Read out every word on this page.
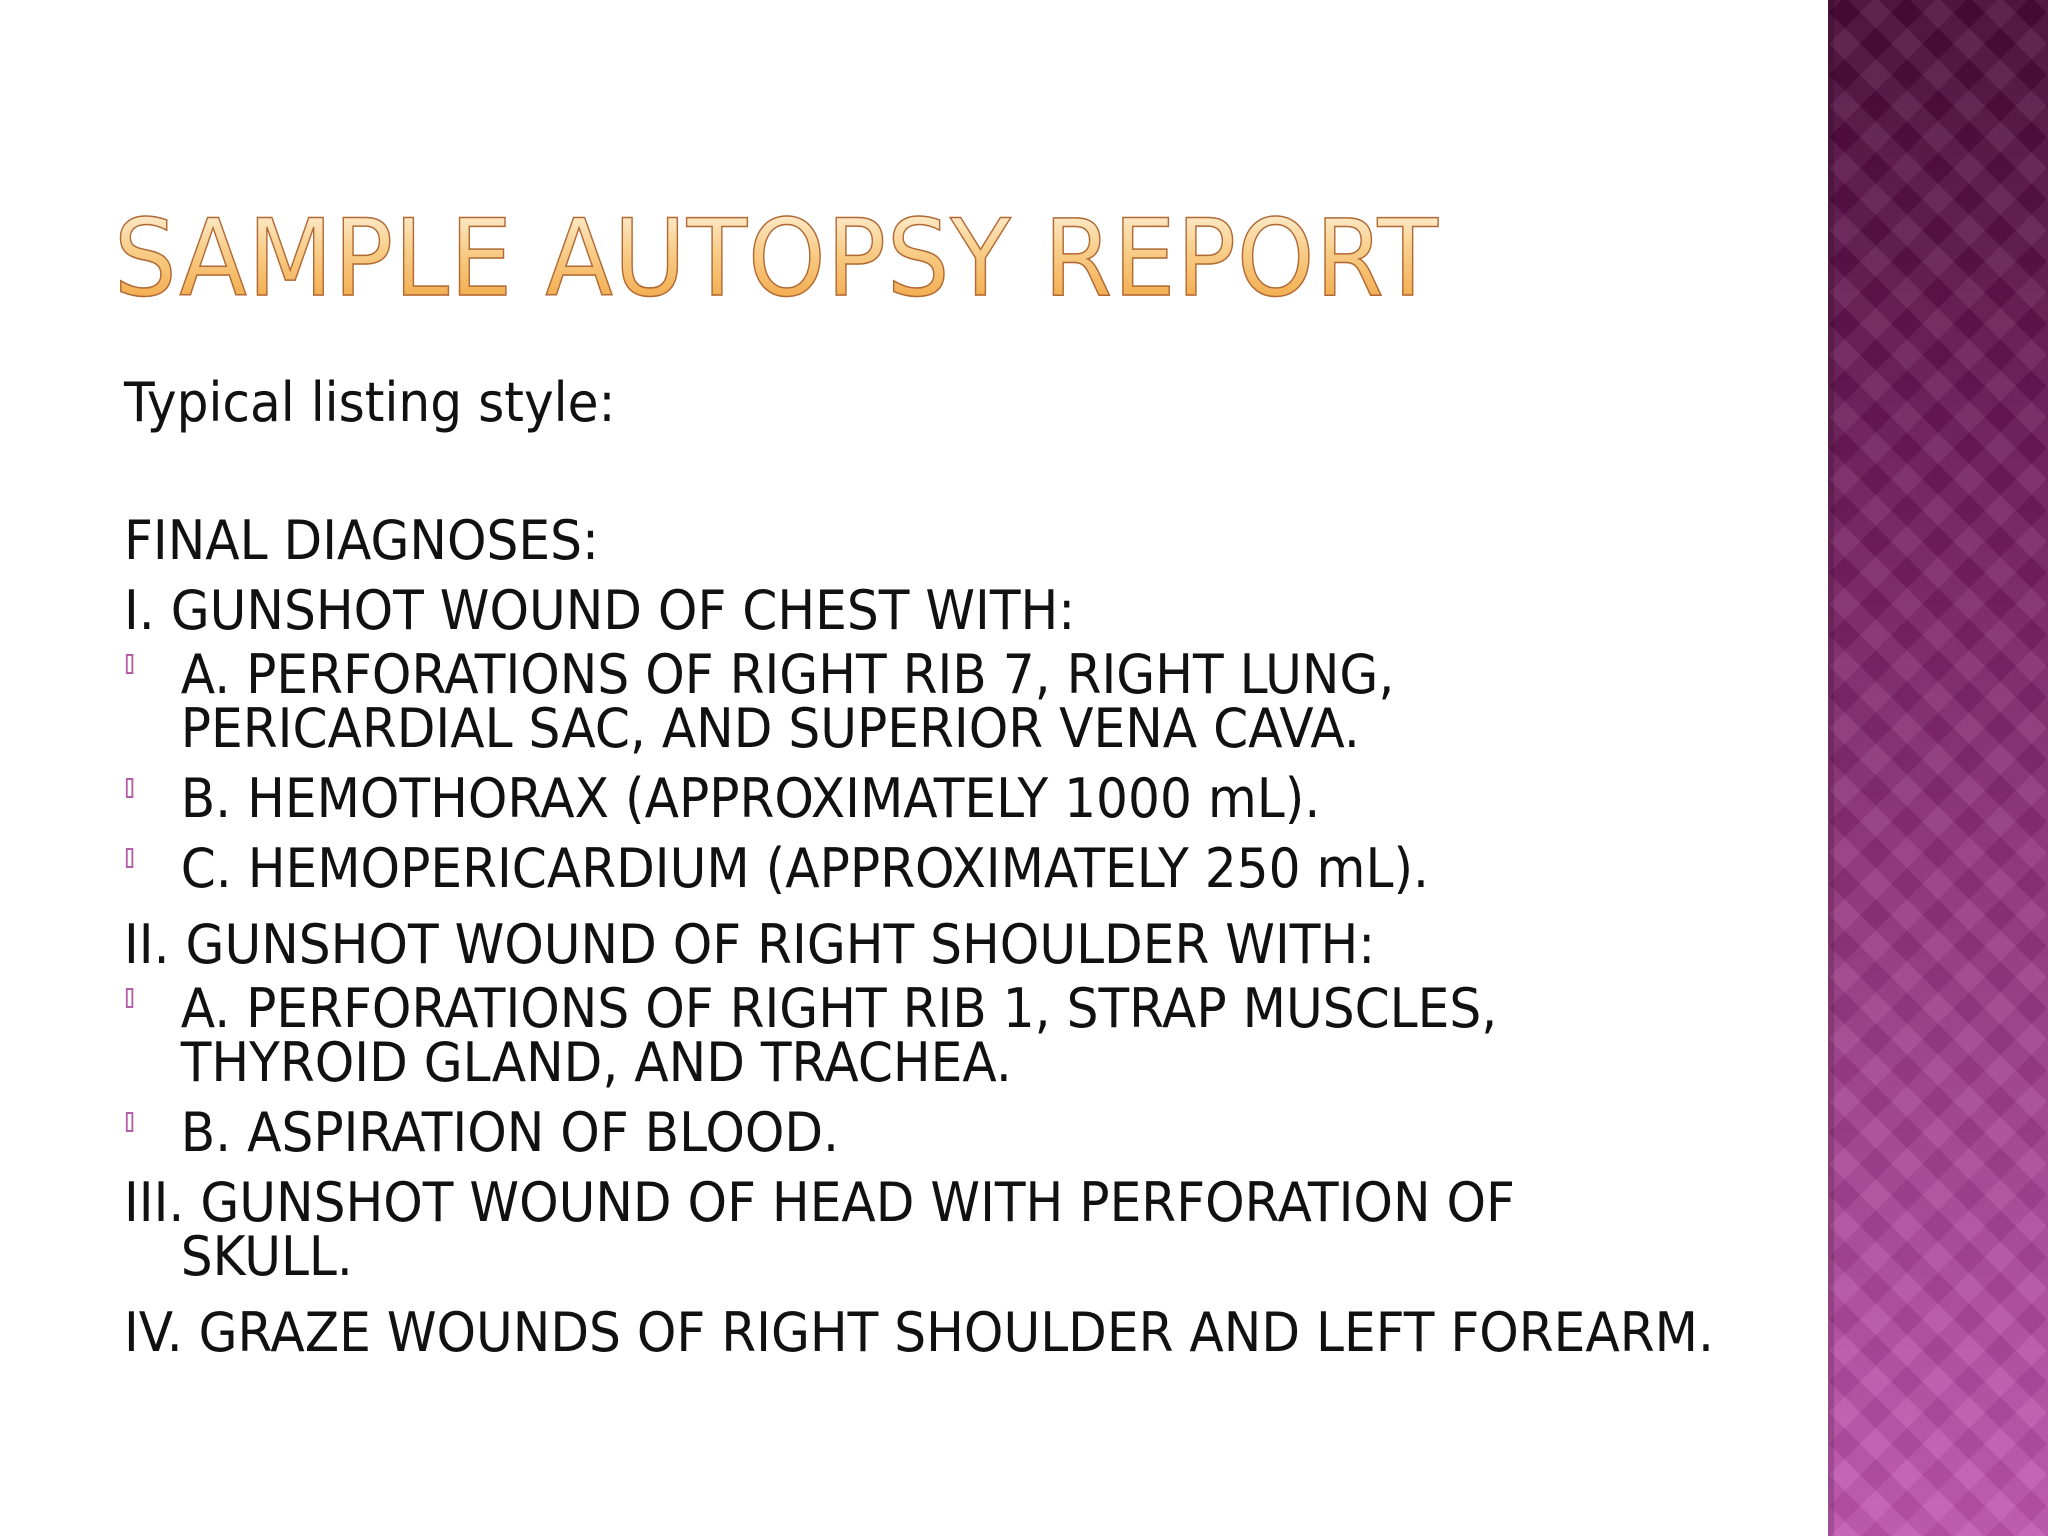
SAMPLE AUTOPSY REPORT

Typical listing style:

FINAL DIAGNOSES:

I. GUNSHOT WOUND OF CHEST WITH:

A. PERFORATIONS OF RIGHT RIB 7, RIGHT LUNG, PERICARDIAL SAC, AND SUPERIOR VENA CAVA.
B. HEMOTHORAX (APPROXIMATELY 1000 mL).
C. HEMOPERICARDIUM (APPROXIMATELY 250 mL).

II. GUNSHOT WOUND OF RIGHT SHOULDER WITH:

A. PERFORATIONS OF RIGHT RIB 1, STRAP MUSCLES, THYROID GLAND, AND TRACHEA.
B. ASPIRATION OF BLOOD.

III. GUNSHOT WOUND OF HEAD WITH PERFORATION OF SKULL.

IV. GRAZE WOUNDS OF RIGHT SHOULDER AND LEFT FOREARM.
